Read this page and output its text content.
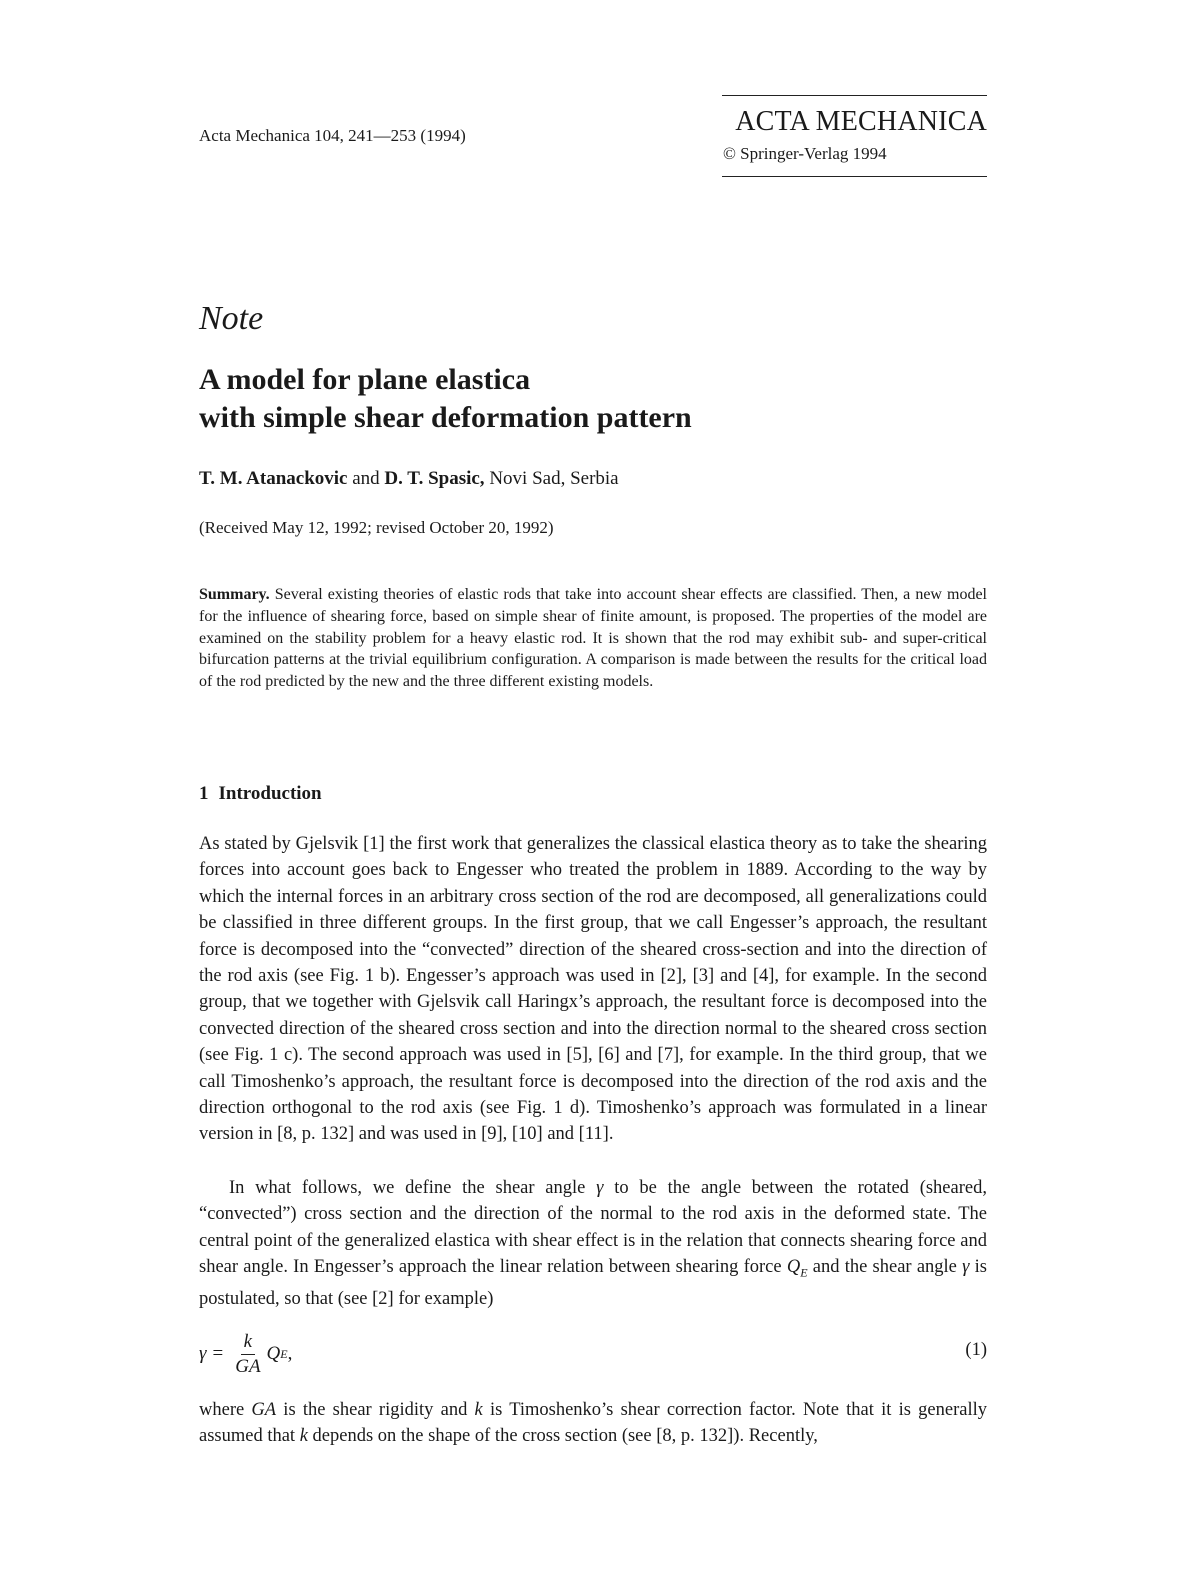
Acta Mechanica 104, 241—253 (1994)	ACTA MECHANICA
© Springer-Verlag 1994
Note
A model for plane elastica
with simple shear deformation pattern
T. M. Atanackovic and D. T. Spasic, Novi Sad, Serbia
(Received May 12, 1992; revised October 20, 1992)
Summary. Several existing theories of elastic rods that take into account shear effects are classified. Then, a new model for the influence of shearing force, based on simple shear of finite amount, is proposed. The properties of the model are examined on the stability problem for a heavy elastic rod. It is shown that the rod may exhibit sub- and super-critical bifurcation patterns at the trivial equilibrium configuration. A comparison is made between the results for the critical load of the rod predicted by the new and the three different existing models.
1 Introduction

As stated by Gjelsvik [1] the first work that generalizes the classical elastica theory as to take the shearing forces into account goes back to Engesser who treated the problem in 1889. According to the way by which the internal forces in an arbitrary cross section of the rod are decomposed, all generalizations could be classified in three different groups. In the first group, that we call Engesser’s approach, the resultant force is decomposed into the “convected” direction of the sheared cross-section and into the direction of the rod axis (see Fig. 1 b). Engesser’s approach was used in [2], [3] and [4], for example. In the second group, that we together with Gjelsvik call Haringx’s approach, the resultant force is decomposed into the convected direction of the sheared cross section and into the direction normal to the sheared cross section (see Fig. 1 c). The second approach was used in [5], [6] and [7], for example. In the third group, that we call Timoshenko’s approach, the resultant force is decomposed into the direction of the rod axis and the direction orthogonal to the rod axis (see Fig. 1 d). Timoshenko’s approach was formulated in a linear version in [8, p. 132] and was used in [9], [10] and [11].

In what follows, we define the shear angle γ to be the angle between the rotated (sheared, “convected”) cross section and the direction of the normal to the rod axis in the deformed state. The central point of the generalized elastica with shear effect is in the relation that connects shearing force and shear angle. In Engesser’s approach the linear relation between shearing force $Q_E$ and the shear angle γ is postulated, so that (see [2] for example)

$\gamma = \frac{k}{GA}$ Q E ,	(1)

where GA is the shear rigidity and k is Timoshenko’s shear correction factor. Note that it is generally assumed that k depends on the shape of the cross section (see [8, p. 132]). Recently,
